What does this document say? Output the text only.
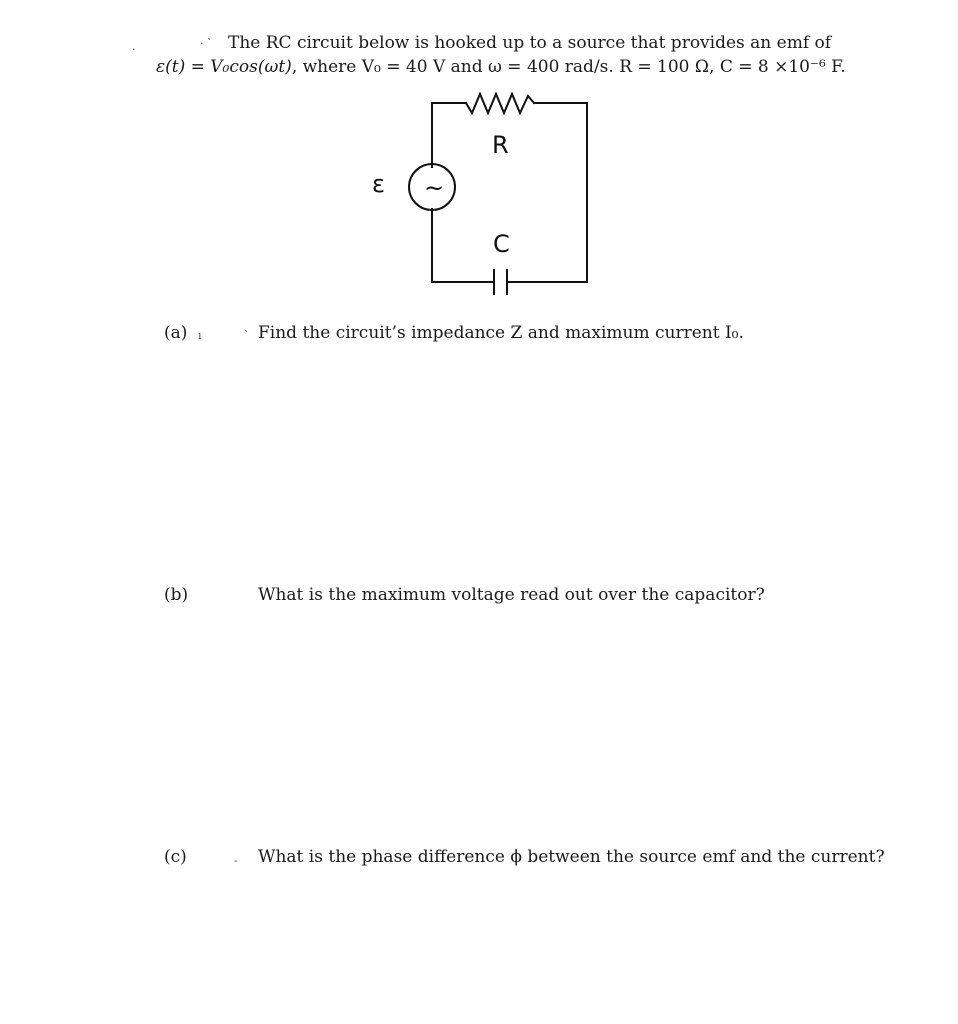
·	· ˋ
ı	ˋ
-
The RC circuit below is hooked up to a source that provides an emf of
ε(t) = V₀cos(ωt), where V₀ = 40 V and ω = 400 rad/s. R = 100 Ω, C = 8 ×10⁻⁶ F.
~
R
C
ε
(a)	Find the circuit’s impedance Z and maximum current I₀.
(b)	What is the maximum voltage read out over the capacitor?
(c)	What is the phase difference ϕ between the source emf and the current?
